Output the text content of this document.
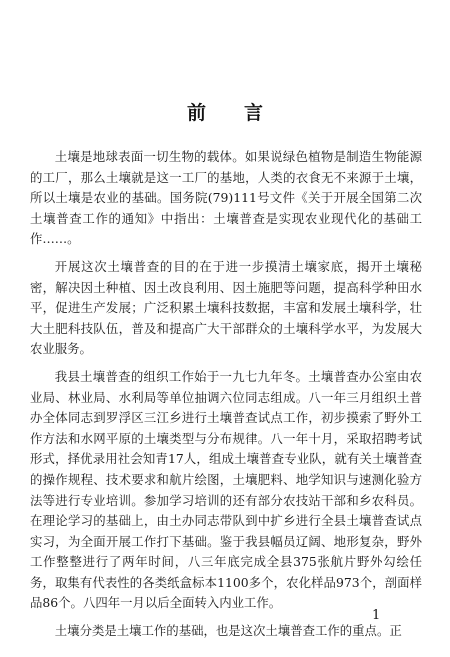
前言

土壤是地球表面一切生物的载体。如果说绿色植物是制造生物能源的工厂，那么土壤就是这一工厂的基地，人类的衣食无不来源于土壤，所以土壤是农业的基础。国务院(79)111号文件《关于开展全国第二次土壤普查工作的通知》中指出：土壤普查是实现农业现代化的基础工作……。

开展这次土壤普查的目的在于进一步摸清土壤家底，揭开土壤秘密，解决因土种植、因土改良利用、因土施肥等问题，提高科学种田水平，促进生产发展；广泛积累土壤科技数据，丰富和发展土壤科学，壮大土肥科技队伍，普及和提高广大干部群众的土壤科学水平，为发展大农业服务。

我县土壤普查的组织工作始于一九七九年冬。土壤普查办公室由农业局、林业局、水利局等单位抽调六位同志组成。八一年三月组织土普办全体同志到罗浮区三江乡进行土壤普查试点工作，初步摸索了野外工作方法和水网平原的土壤类型与分布规律。八一年十月，采取招聘考试形式，择优录用社会知青17人，组成土壤普查专业队，就有关土壤普查的操作规程、技术要求和航片绘图，土壤肥料、地学知识与速测化验方法等进行专业培训。参加学习培训的还有部分农技站干部和乡农科员。在理论学习的基础上，由土办同志带队到中扩乡进行全县土壤普查试点实习，为全面开展工作打下基础。鉴于我县幅员辽阔、地形复杂，野外工作整整进行了两年时间，八三年底完成全县375张航片野外勾绘任务，取集有代表性的各类纸盒标本1100多个，农化样品973个，剖面样品86个。八四年一月以后全面转入内业工作。

土壤分类是土壤工作的基础，也是这次土壤普查工作的重点。正

1
